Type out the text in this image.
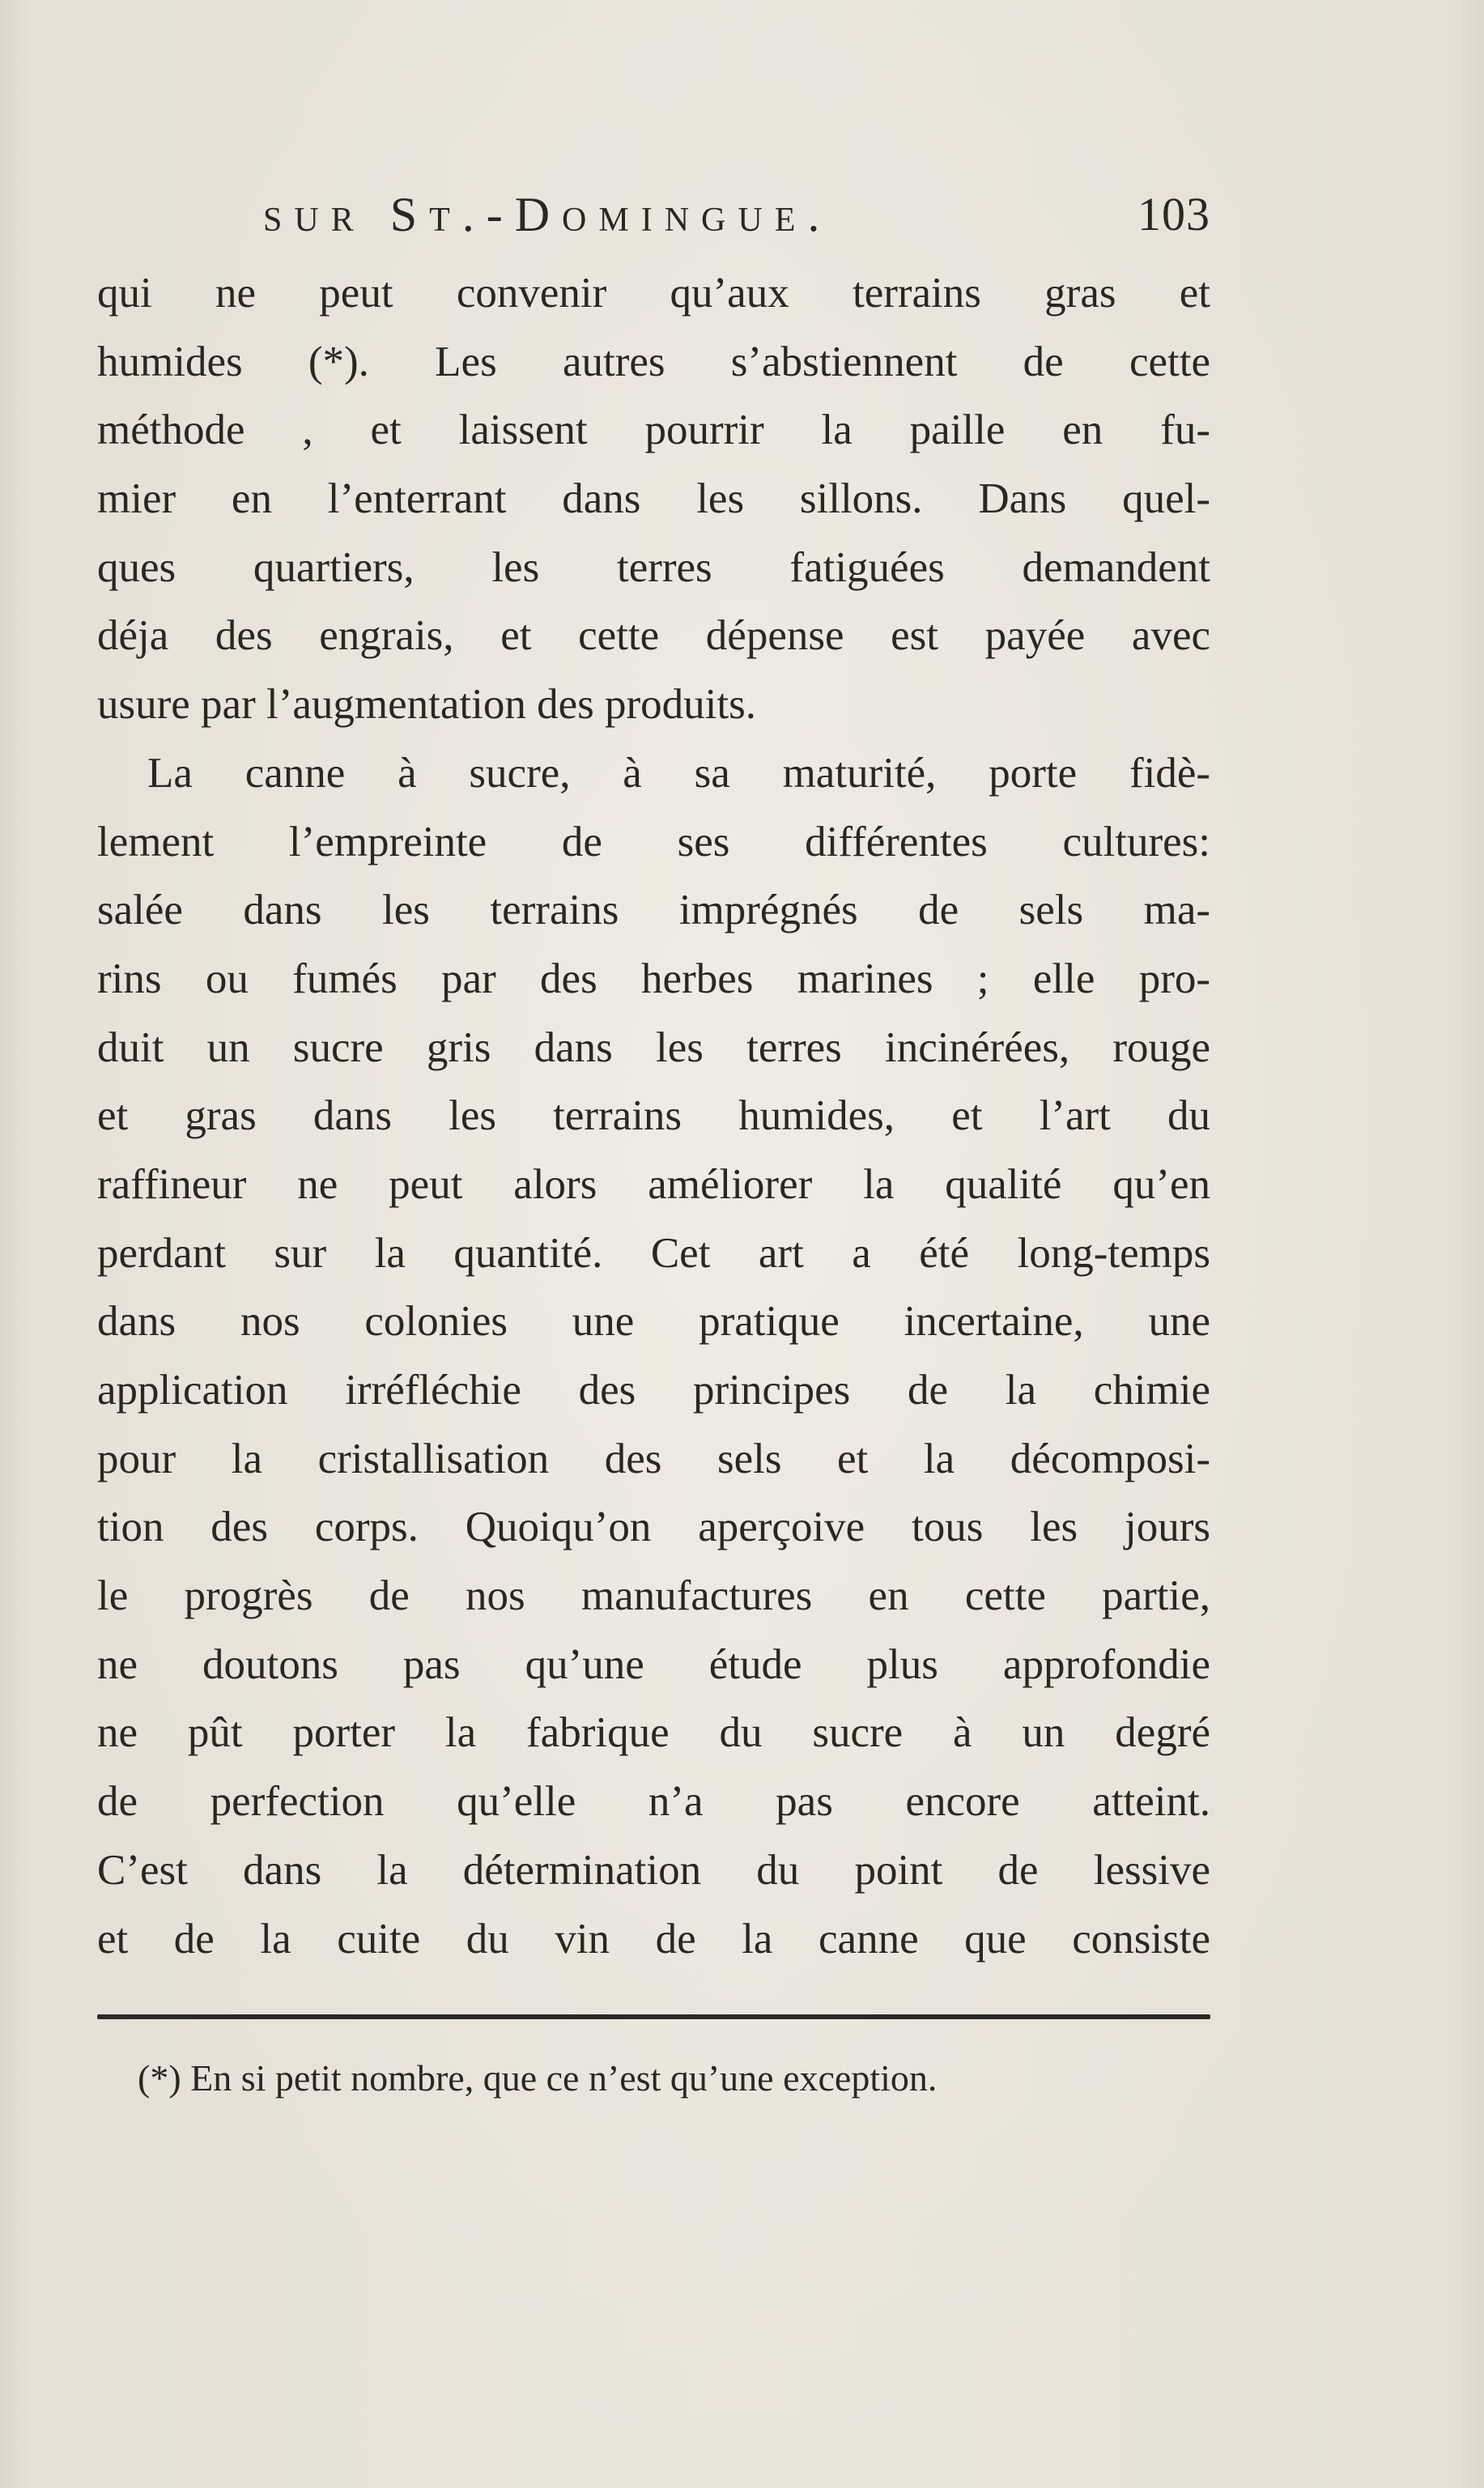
sur St.-Domingue.	103
qui ne peut convenir qu’aux terrains gras et
humides (*). Les autres s’abstiennent de cette
méthode , et laissent pourrir la paille en fu-
mier en l’enterrant dans les sillons. Dans quel-
ques quartiers, les terres fatiguées demandent
déja des engrais, et cette dépense est payée avec
usure par l’augmentation des produits.
La canne à sucre, à sa maturité, porte fidè-
lement l’empreinte de ses différentes cultures:
salée dans les terrains imprégnés de sels ma-
rins ou fumés par des herbes marines ; elle pro-
duit un sucre gris dans les terres incinérées, rouge
et gras dans les terrains humides, et l’art du
raffineur ne peut alors améliorer la qualité qu’en
perdant sur la quantité. Cet art a été long-temps
dans nos colonies une pratique incertaine, une
application irréfléchie des principes de la chimie
pour la cristallisation des sels et la décomposi-
tion des corps. Quoiqu’on aperçoive tous les jours
le progrès de nos manufactures en cette partie,
ne doutons pas qu’une étude plus approfondie
ne pût porter la fabrique du sucre à un degré
de perfection qu’elle n’a pas encore atteint.
C’est dans la détermination du point de lessive
et de la cuite du vin de la canne que consiste
(*) En si petit nombre, que ce n’est qu’une exception.
